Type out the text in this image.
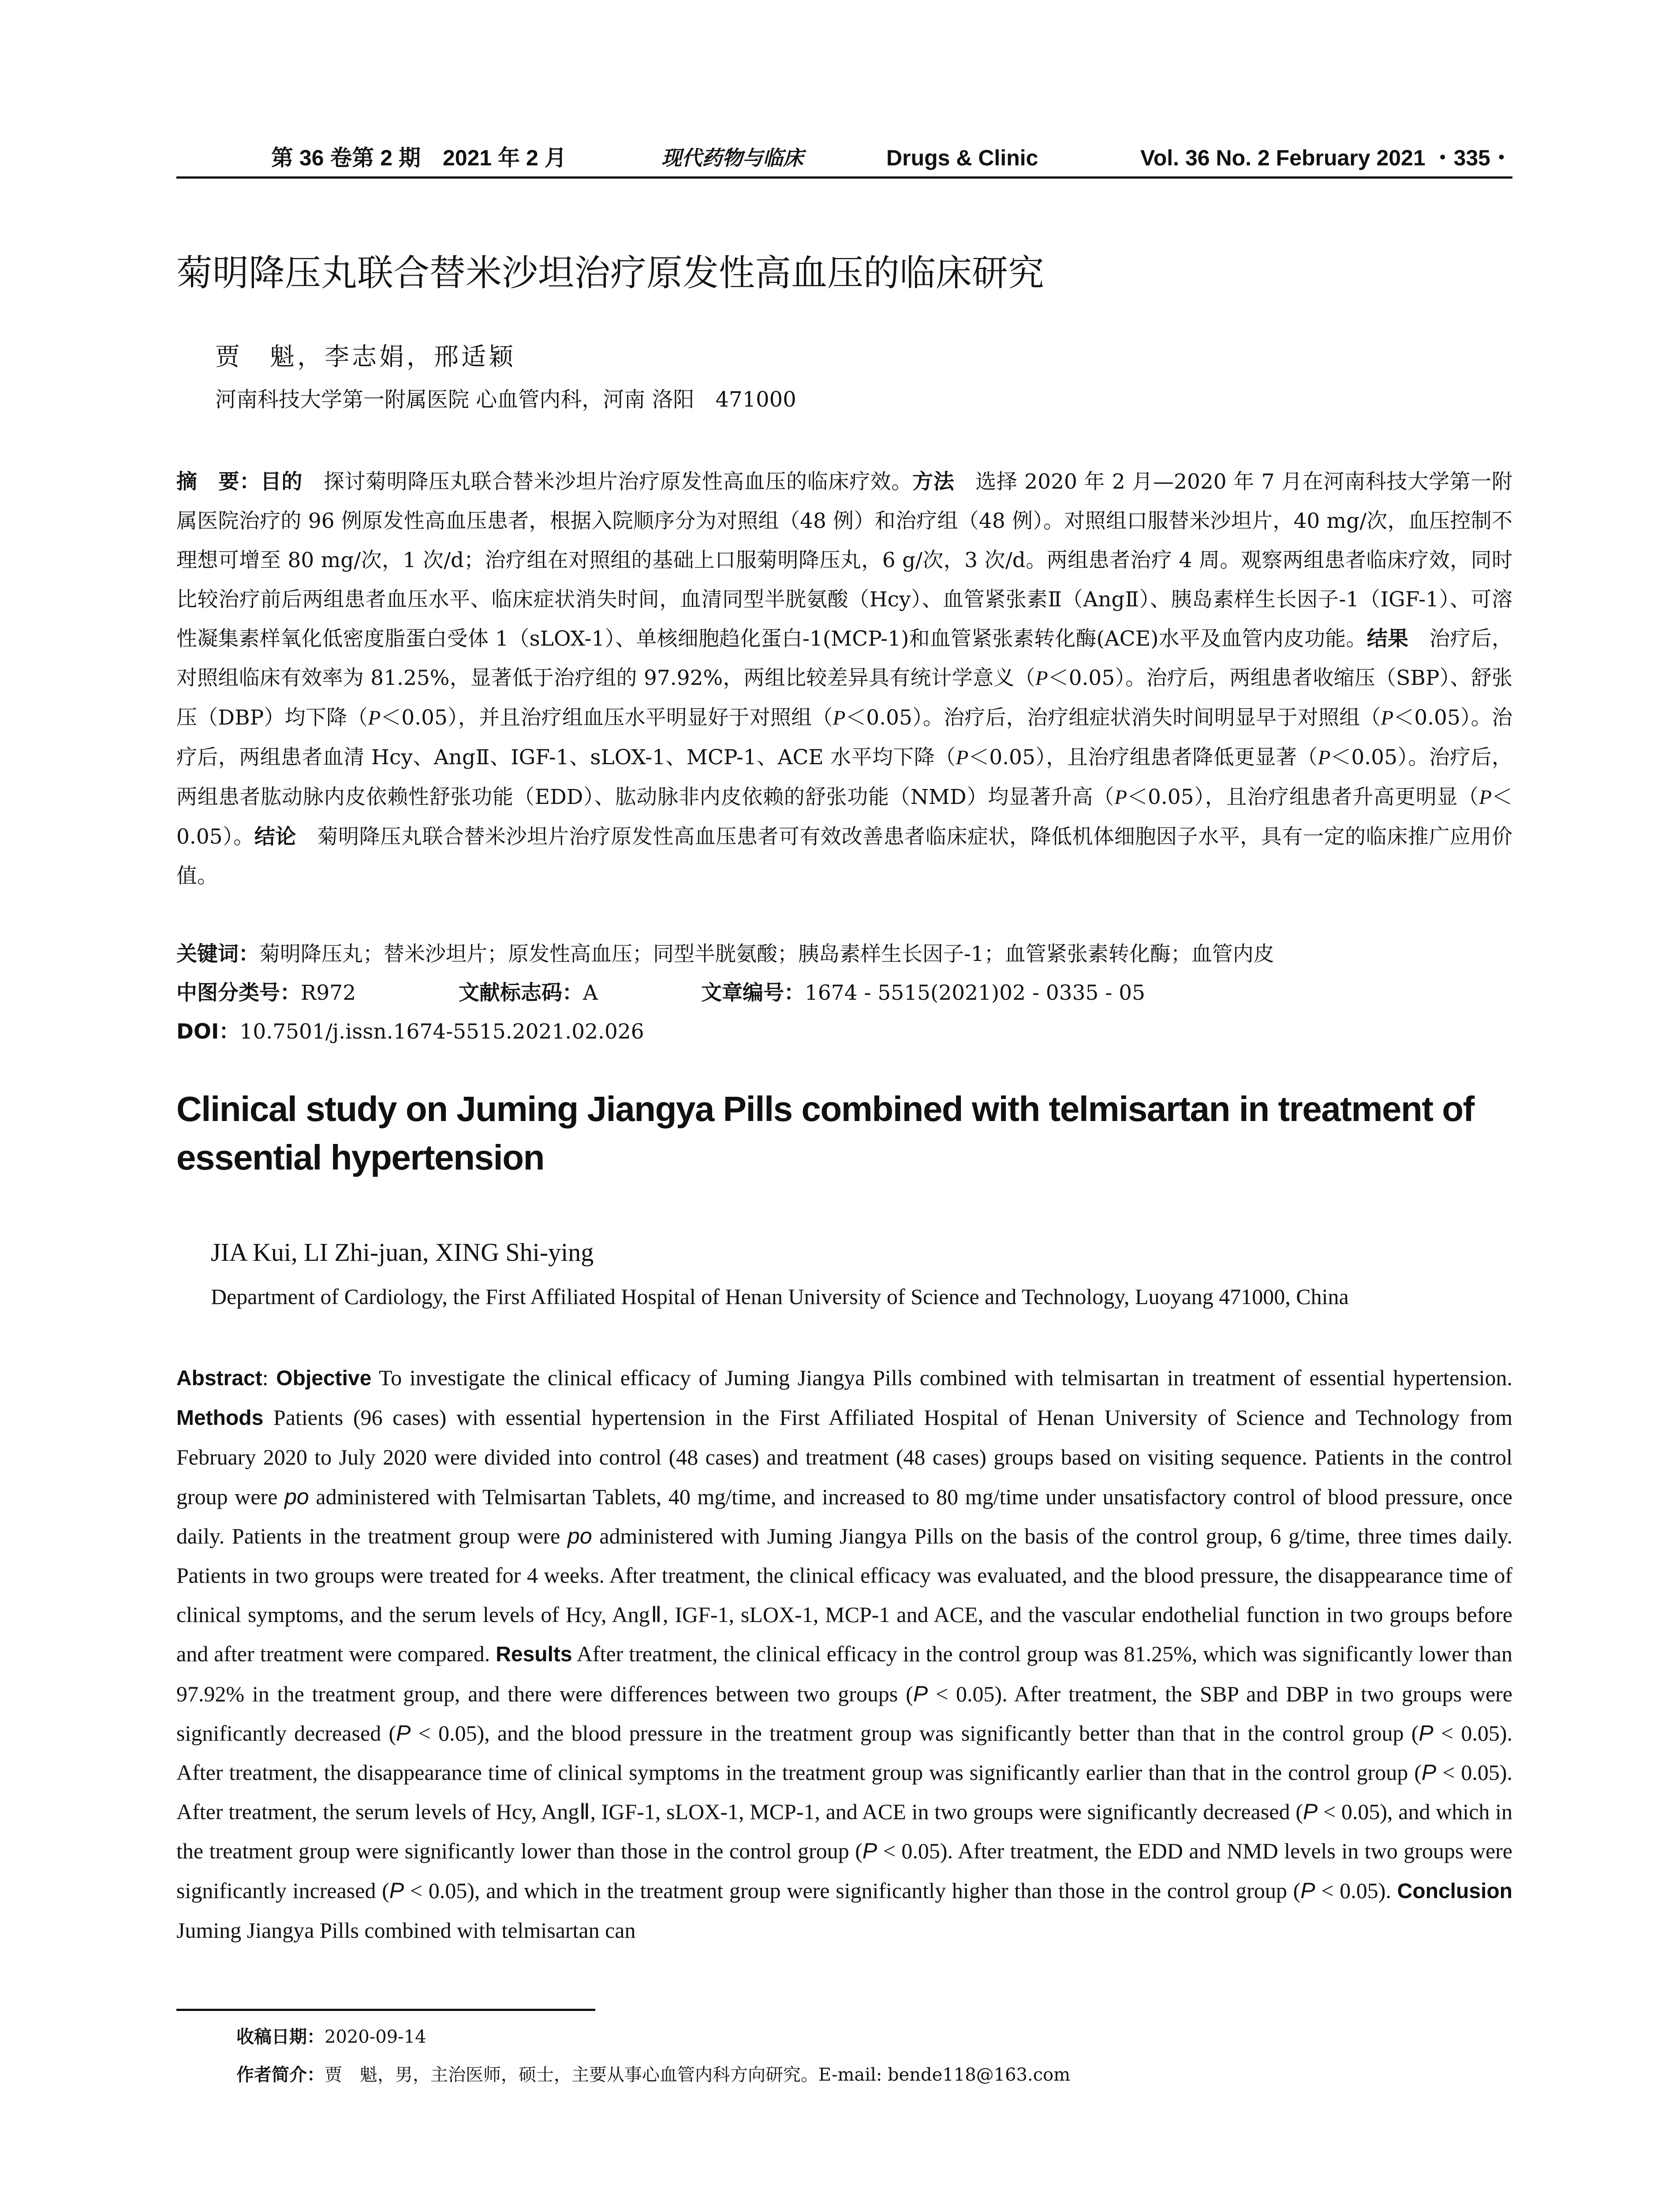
第 36 卷第 2 期　2021 年 2 月	现代药物与临床	Drugs & Clinic	Vol. 36 No. 2 February 2021 ・335・
菊明降压丸联合替米沙坦治疗原发性高血压的临床研究
贾　魁，李志娟，邢适颖
河南科技大学第一附属医院 心血管内科，河南 洛阳　471000
摘　要：目的　探讨菊明降压丸联合替米沙坦片治疗原发性高血压的临床疗效。方法　选择 2020 年 2 月—2020 年 7 月在河南科技大学第一附属医院治疗的 96 例原发性高血压患者，根据入院顺序分为对照组（48 例）和治疗组（48 例）。对照组口服替米沙坦片，40 mg/次，血压控制不理想可增至 80 mg/次，1 次/d；治疗组在对照组的基础上口服菊明降压丸，6 g/次，3 次/d。两组患者治疗 4 周。观察两组患者临床疗效，同时比较治疗前后两组患者血压水平、临床症状消失时间，血清同型半胱氨酸（Hcy）、血管紧张素Ⅱ（AngⅡ）、胰岛素样生长因子-1（IGF-1）、可溶性凝集素样氧化低密度脂蛋白受体 1（sLOX-1）、单核细胞趋化蛋白-1(MCP-1)和血管紧张素转化酶(ACE)水平及血管内皮功能。结果　治疗后，对照组临床有效率为 81.25%，显著低于治疗组的 97.92%，两组比较差异具有统计学意义（P＜0.05）。治疗后，两组患者收缩压（SBP）、舒张压（DBP）均下降（P＜0.05），并且治疗组血压水平明显好于对照组（P＜0.05）。治疗后，治疗组症状消失时间明显早于对照组（P＜0.05）。治疗后，两组患者血清 Hcy、AngⅡ、IGF-1、sLOX-1、MCP-1、ACE 水平均下降（P＜0.05），且治疗组患者降低更显著（P＜0.05）。治疗后，两组患者肱动脉内皮依赖性舒张功能（EDD）、肱动脉非内皮依赖的舒张功能（NMD）均显著升高（P＜0.05），且治疗组患者升高更明显（P＜0.05）。结论　菊明降压丸联合替米沙坦片治疗原发性高血压患者可有效改善患者临床症状，降低机体细胞因子水平，具有一定的临床推广应用价值。
关键词：菊明降压丸；替米沙坦片；原发性高血压；同型半胱氨酸；胰岛素样生长因子-1；血管紧张素转化酶；血管内皮
中图分类号：R972	文献标志码：A	文章编号：1674 - 5515(2021)02 - 0335 - 05
DOI：10.7501/j.issn.1674-5515.2021.02.026
Clinical study on Juming Jiangya Pills combined with telmisartan in treatment of essential hypertension
JIA Kui, LI Zhi-juan, XING Shi-ying
Department of Cardiology, the First Affiliated Hospital of Henan University of Science and Technology, Luoyang 471000, China
Abstract: Objective To investigate the clinical efficacy of Juming Jiangya Pills combined with telmisartan in treatment of essential hypertension. Methods Patients (96 cases) with essential hypertension in the First Affiliated Hospital of Henan University of Science and Technology from February 2020 to July 2020 were divided into control (48 cases) and treatment (48 cases) groups based on visiting sequence. Patients in the control group were po administered with Telmisartan Tablets, 40 mg/time, and increased to 80 mg/time under unsatisfactory control of blood pressure, once daily. Patients in the treatment group were po administered with Juming Jiangya Pills on the basis of the control group, 6 g/time, three times daily. Patients in two groups were treated for 4 weeks. After treatment, the clinical efficacy was evaluated, and the blood pressure, the disappearance time of clinical symptoms, and the serum levels of Hcy, AngⅡ, IGF-1, sLOX-1, MCP-1 and ACE, and the vascular endothelial function in two groups before and after treatment were compared. Results After treatment, the clinical efficacy in the control group was 81.25%, which was significantly lower than 97.92% in the treatment group, and there were differences between two groups (P < 0.05). After treatment, the SBP and DBP in two groups were significantly decreased (P < 0.05), and the blood pressure in the treatment group was significantly better than that in the control group (P < 0.05). After treatment, the disappearance time of clinical symptoms in the treatment group was significantly earlier than that in the control group (P < 0.05). After treatment, the serum levels of Hcy, AngⅡ, IGF-1, sLOX-1, MCP-1, and ACE in two groups were significantly decreased (P < 0.05), and which in the treatment group were significantly lower than those in the control group (P < 0.05). After treatment, the EDD and NMD levels in two groups were significantly increased (P < 0.05), and which in the treatment group were significantly higher than those in the control group (P < 0.05). Conclusion Juming Jiangya Pills combined with telmisartan can
收稿日期：2020-09-14
作者简介：贾　魁，男，主治医师，硕士，主要从事心血管内科方向研究。E-mail: bende118@163.com
